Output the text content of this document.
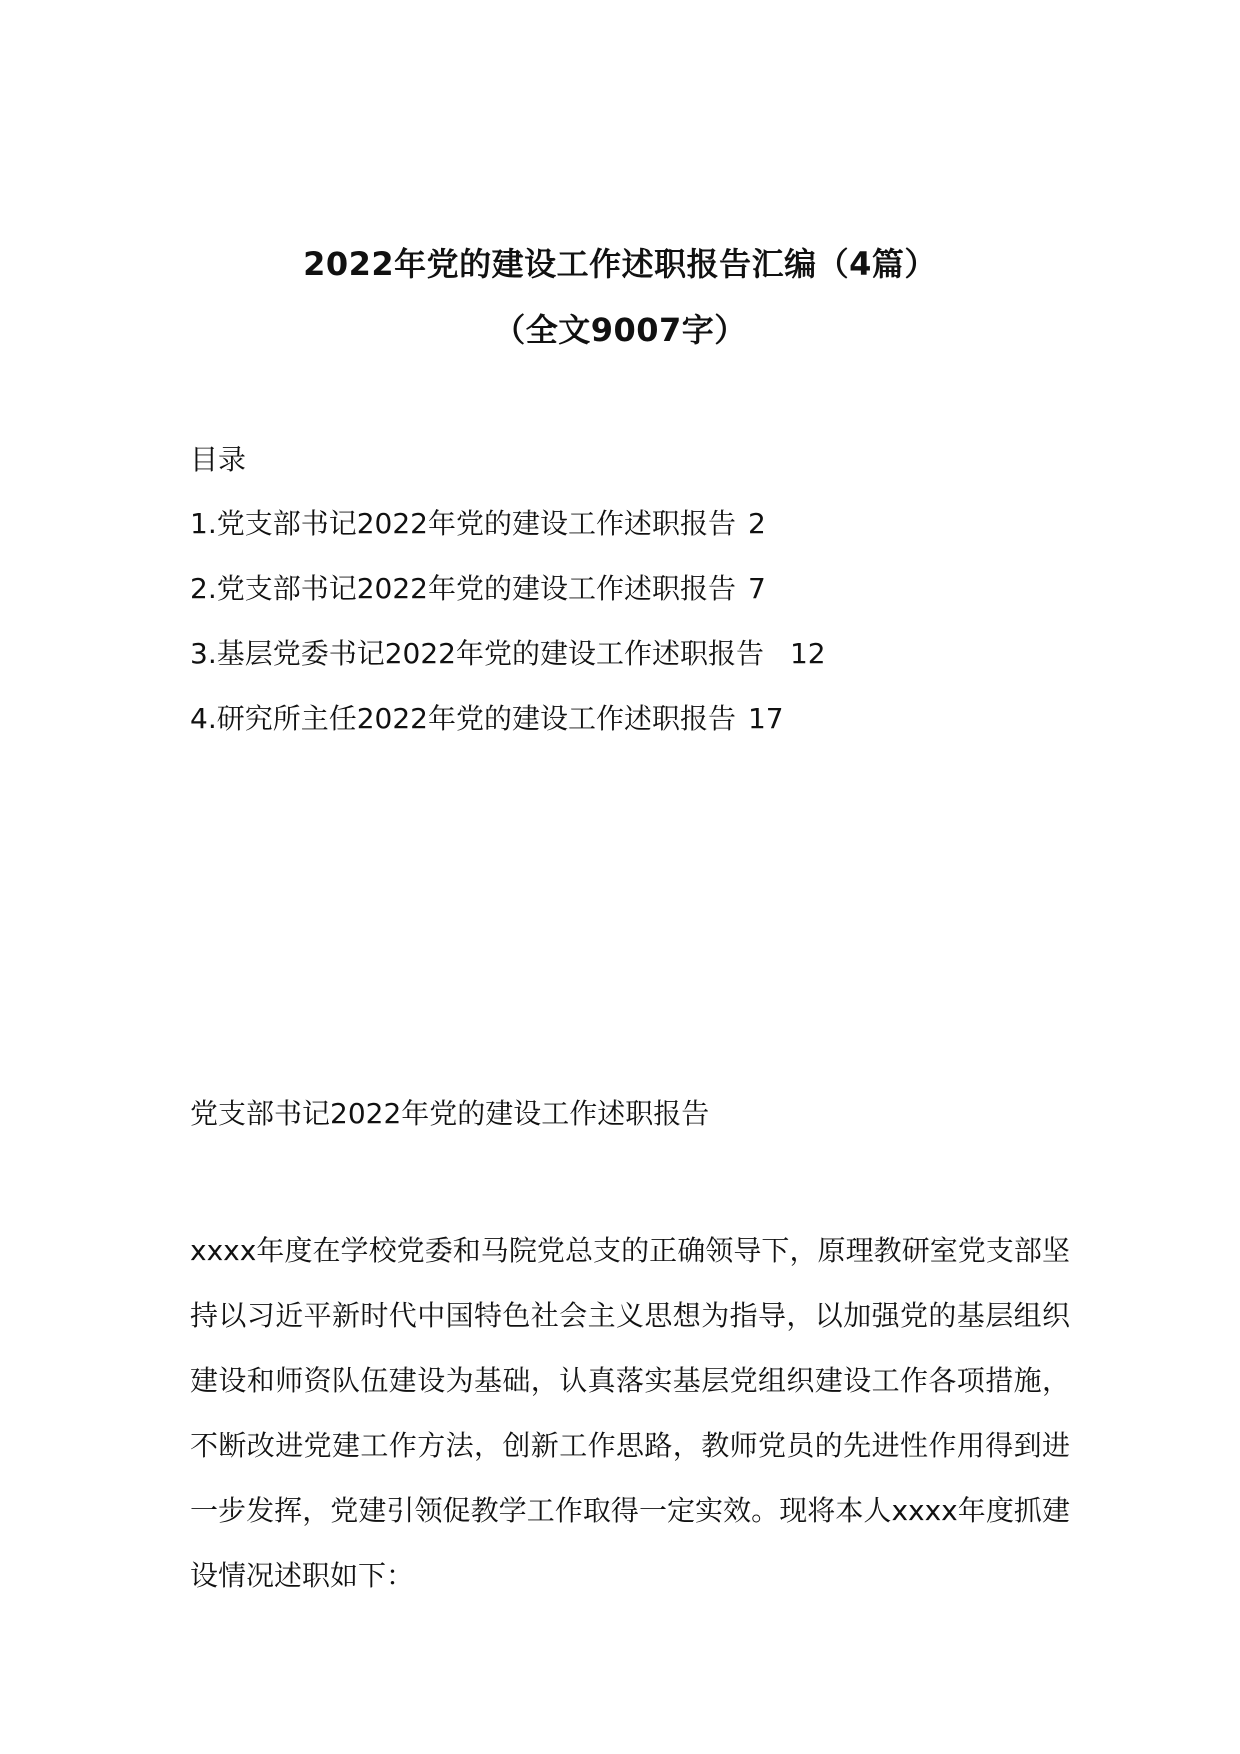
2022年党的建设工作述职报告汇编（4篇）
（全文9007字）
目录
1.党支部书记2022年党的建设工作述职报告 2
2.党支部书记2022年党的建设工作述职报告 7
3.基层党委书记2022年党的建设工作述职报告 12
4.研究所主任2022年党的建设工作述职报告 17
党支部书记2022年党的建设工作述职报告

xxxx年度在学校党委和马院党总支的正确领导下，原理教研室党支部坚持以习近平新时代中国特色社会主义思想为指导，以加强党的基层组织建设和师资队伍建设为基础，认真落实基层党组织建设工作各项措施，不断改进党建工作方法，创新工作思路，教师党员的先进性作用得到进一步发挥，党建引领促教学工作取得一定实效。现将本人xxxx年度抓建设情况述职如下：
